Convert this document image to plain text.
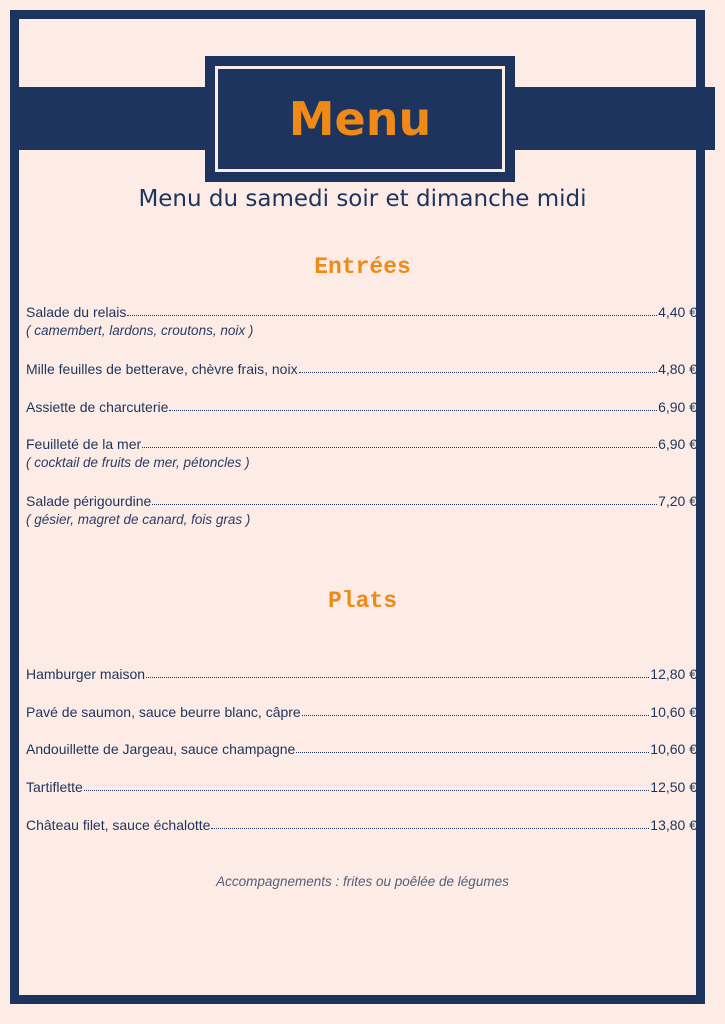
Menu
Menu du samedi soir et dimanche midi
Entrées
Salade du relais	4,40 €
( camembert, lardons, croutons, noix )
Mille feuilles de betterave, chèvre frais, noix	4,80 €
Assiette de charcuterie	6,90 €
Feuilleté de la mer	6,90 €
( cocktail de fruits de mer, pétoncles )
Salade périgourdine	7,20 €
( gésier, magret de canard, fois gras )
Plats
Hamburger maison	12,80 €
Pavé de saumon, sauce beurre blanc, câpre	10,60 €
Andouillette de Jargeau, sauce champagne	10,60 €
Tartiflette	12,50 €
Château filet, sauce échalotte	13,80 €
Accompagnements : frites ou poêlée de légumes
